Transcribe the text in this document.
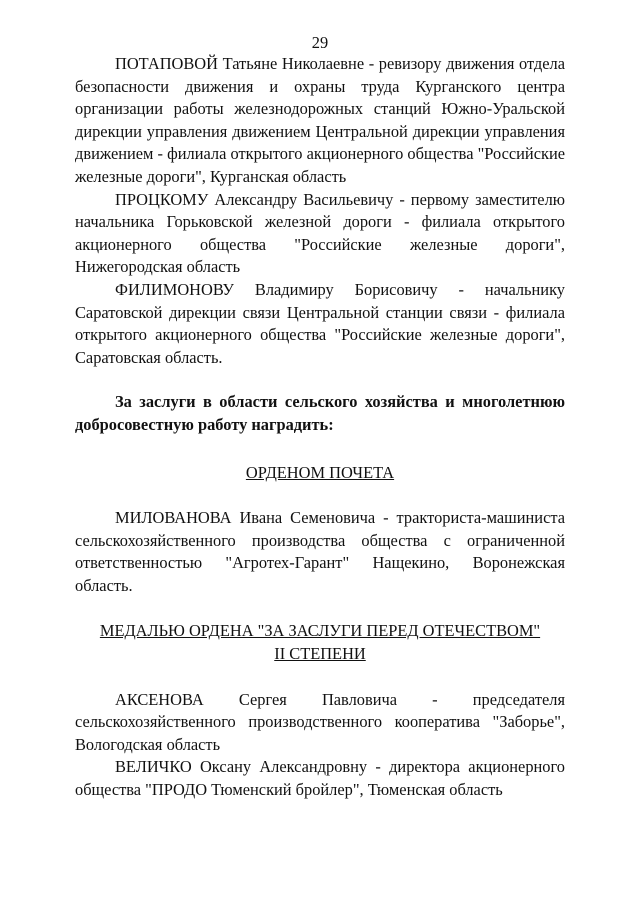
29

ПОТАПОВОЙ Татьяне Николаевне - ревизору движения отдела безопасности движения и охраны труда Курганского центра организации работы железнодорожных станций Южно-Уральской дирекции управления движением Центральной дирекции управления движением - филиала открытого акционерного общества "Российские железные дороги", Курганская область

ПРОЦКОМУ Александру Васильевичу - первому заместителю начальника Горьковской железной дороги - филиала открытого акционерного общества "Российские железные дороги", Нижегородская область

ФИЛИМОНОВУ Владимиру Борисовичу - начальнику Саратовской дирекции связи Центральной станции связи - филиала открытого акционерного общества "Российские железные дороги", Саратовская область.

За заслуги в области сельского хозяйства и многолетнюю добросовестную работу наградить:

ОРДЕНОМ ПОЧЕТА

МИЛОВАНОВА Ивана Семеновича - тракториста-машиниста сельскохозяйственного производства общества с ограниченной ответственностью "Агротех-Гарант" Нащекино, Воронежская область.

МЕДАЛЬЮ ОРДЕНА "ЗА ЗАСЛУГИ ПЕРЕД ОТЕЧЕСТВОМ"

II СТЕПЕНИ

АКСЕНОВА Сергея Павловича - председателя сельскохозяйственного производственного кооператива "Заборье", Вологодская область

ВЕЛИЧКО Оксану Александровну - директора акционерного общества "ПРОДО Тюменский бройлер", Тюменская область
